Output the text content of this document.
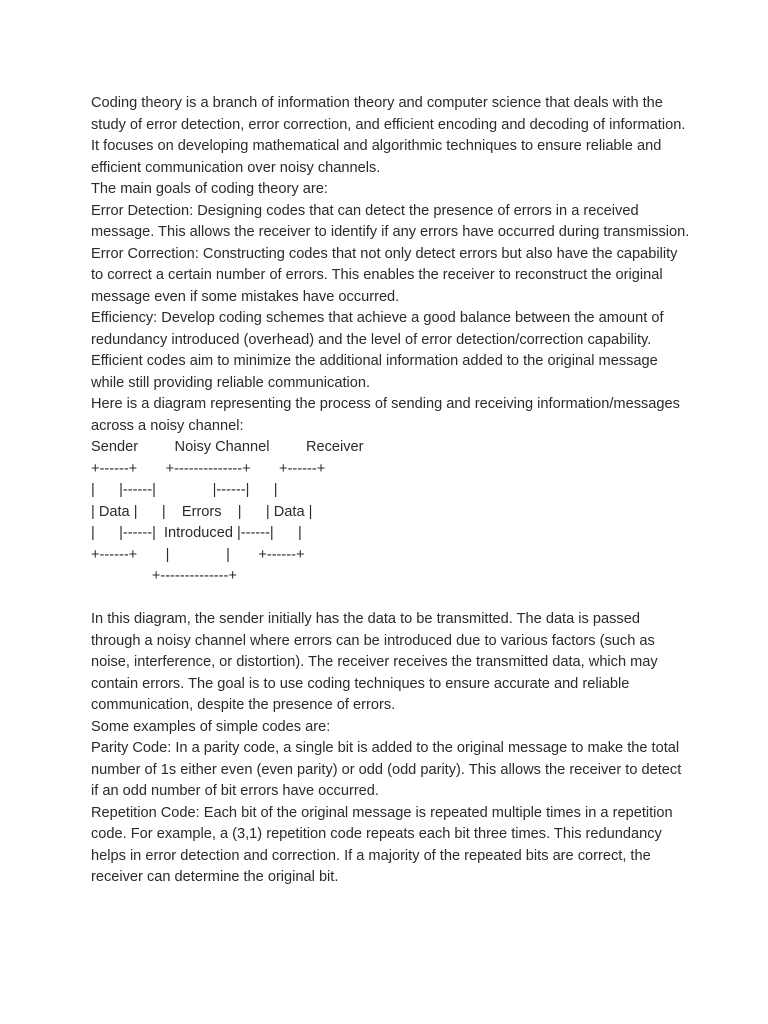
Coding theory is a branch of information theory and computer science that deals with the study of error detection, error correction, and efficient encoding and decoding of information. It focuses on developing mathematical and algorithmic techniques to ensure reliable and efficient communication over noisy channels.

The main goals of coding theory are:

Error Detection: Designing codes that can detect the presence of errors in a received message. This allows the receiver to identify if any errors have occurred during transmission.

Error Correction: Constructing codes that not only detect errors but also have the capability to correct a certain number of errors. This enables the receiver to reconstruct the original message even if some mistakes have occurred.

Efficiency: Develop coding schemes that achieve a good balance between the amount of redundancy introduced (overhead) and the level of error detection/correction capability. Efficient codes aim to minimize the additional information added to the original message while still providing reliable communication.

Here is a diagram representing the process of sending and receiving information/messages across a noisy channel:

Sender         Noisy Channel         Receiver
+------+       +--------------+       +------+
|      |------|              |------|      |
| Data |      |    Errors    |      | Data |
|      |------|  Introduced |------|      |
+------+       |              |       +------+
+--------------+

In this diagram, the sender initially has the data to be transmitted. The data is passed through a noisy channel where errors can be introduced due to various factors (such as noise, interference, or distortion). The receiver receives the transmitted data, which may contain errors. The goal is to use coding techniques to ensure accurate and reliable communication, despite the presence of errors.

Some examples of simple codes are:

Parity Code: In a parity code, a single bit is added to the original message to make the total number of 1s either even (even parity) or odd (odd parity). This allows the receiver to detect if an odd number of bit errors have occurred.

Repetition Code: Each bit of the original message is repeated multiple times in a repetition code. For example, a (3,1) repetition code repeats each bit three times. This redundancy helps in error detection and correction. If a majority of the repeated bits are correct, the receiver can determine the original bit.
